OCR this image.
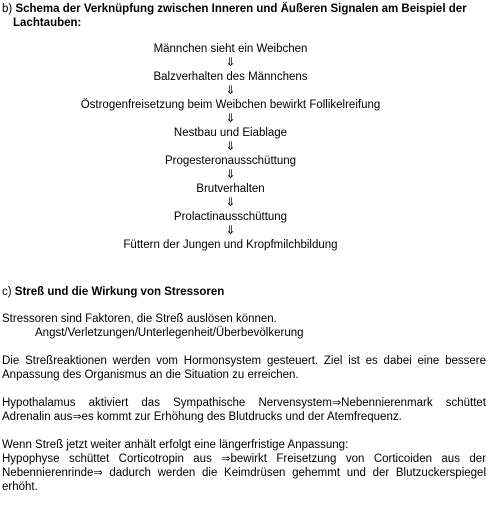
b) Schema der Verknüpfung zwischen Inneren und Äußeren Signalen am Beispiel der Lachtauben:

Männchen sieht ein Weibchen
⇓
Balzverhalten des Männchens
⇓
Östrogenfreisetzung beim Weibchen bewirkt Follikelreifung
⇓
Nestbau und Eiablage
⇓
Progesteronausschüttung
⇓
Brutverhalten
⇓
Prolactinausschüttung
⇓
Füttern der Jungen und Kropfmilchbildung

c) Streß und die Wirkung von Stressoren

Stressoren sind Faktoren, die Streß auslösen können.
Angst/Verletzungen/Unterlegenheit/Überbevölkerung

Die Streßreaktionen werden vom Hormonsystem gesteuert. Ziel ist es dabei eine bessere
Anpassung des Organismus an die Situation zu erreichen.

Hypothalamus aktiviert das Sympathische Nervensystem⇒Nebennierenmark schüttet
Adrenalin aus⇒es kommt zur Erhöhung des Blutdrucks und der Atemfrequenz.

Wenn Streß jetzt weiter anhält erfolgt eine längerfristige Anpassung:
Hypophyse schüttet Corticotropin aus ⇒bewirkt Freisetzung von Corticoiden aus der
Nebennierenrinde⇒ dadurch werden die Keimdrüsen gehemmt und der Blutzuckerspiegel
erhöht.
